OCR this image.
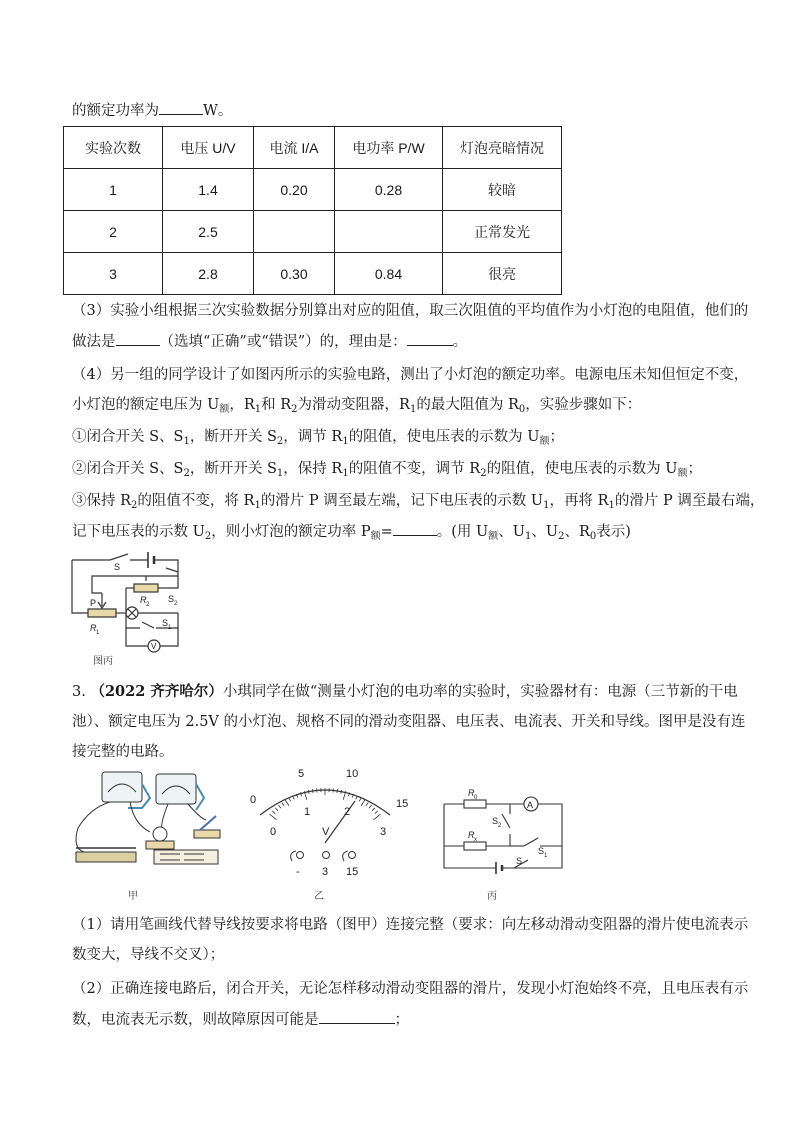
的额定功率为	W。
实验次数	电压 U/V	电流 I/A	电功率 P/W	灯泡亮暗情况
1	1.4	0.20	0.28	较暗
2	2.5			正常发光
3	2.8	0.30	0.84	很亮
（3）实验小组根据三次实验数据分别算出对应的阻值，取三次阻值的平均值作为小灯泡的电阻值，他们的
做法是	（选填“正确”或“错误”）的，理由是：	。
（4）另一组的同学设计了如图丙所示的实验电路，测出了小灯泡的额定功率。电源电压未知但恒定不变，
小灯泡的额定电压为 $U_额$，$R_1$和 $R_2$为滑动变阻器，$R_1$的最大阻值为 $R_0$，实验步骤如下：
①闭合开关 S、$S_1$，断开开关 $S_2$，调节 $R_1$的阻值，使电压表的示数为 $U_额$；
②闭合开关 S、$S_2$，断开开关 $S_1$，保持 $R_1$的阻值不变，调节 $R_2$的阻值，使电压表的示数为 $U_额$；
③保持 $R_2$的阻值不变，将 $R_1$的滑片 P 调至最左端，记下电压表的示数 $U_1$，再将 $R_1$的滑片 P 调至最右端，
记下电压表的示数 $U_2$，则小灯泡的额定功率 $P_额=$	。(用 $U_额$、$U_1$、$U_2$、$R_0$表示)
S
P
R 1
R 2
S 2
S 1
V
图丙
3. （2022 齐齐哈尔）小琪同学在做“测量小灯泡的电功率的实验时，实验器材有：电源（三节新的干电
池）、额定电压为 2.5V 的小灯泡、规格不同的滑动变阻器、电压表、电流表、开关和导线。图甲是没有连
接完整的电路。
甲
0
5	10
15
0
1	2
3
V
- 3 15
乙
R 0
R x
A
S 2
S 1
S
丙
（1）请用笔画线代替导线按要求将电路（图甲）连接完整（要求：向左移动滑动变阻器的滑片使电流表示
数变大，导线不交叉）；
（2）正确连接电路后，闭合开关，无论怎样移动滑动变阻器的滑片，发现小灯泡始终不亮，且电压表有示
数，电流表无示数，则故障原因可能是	；
